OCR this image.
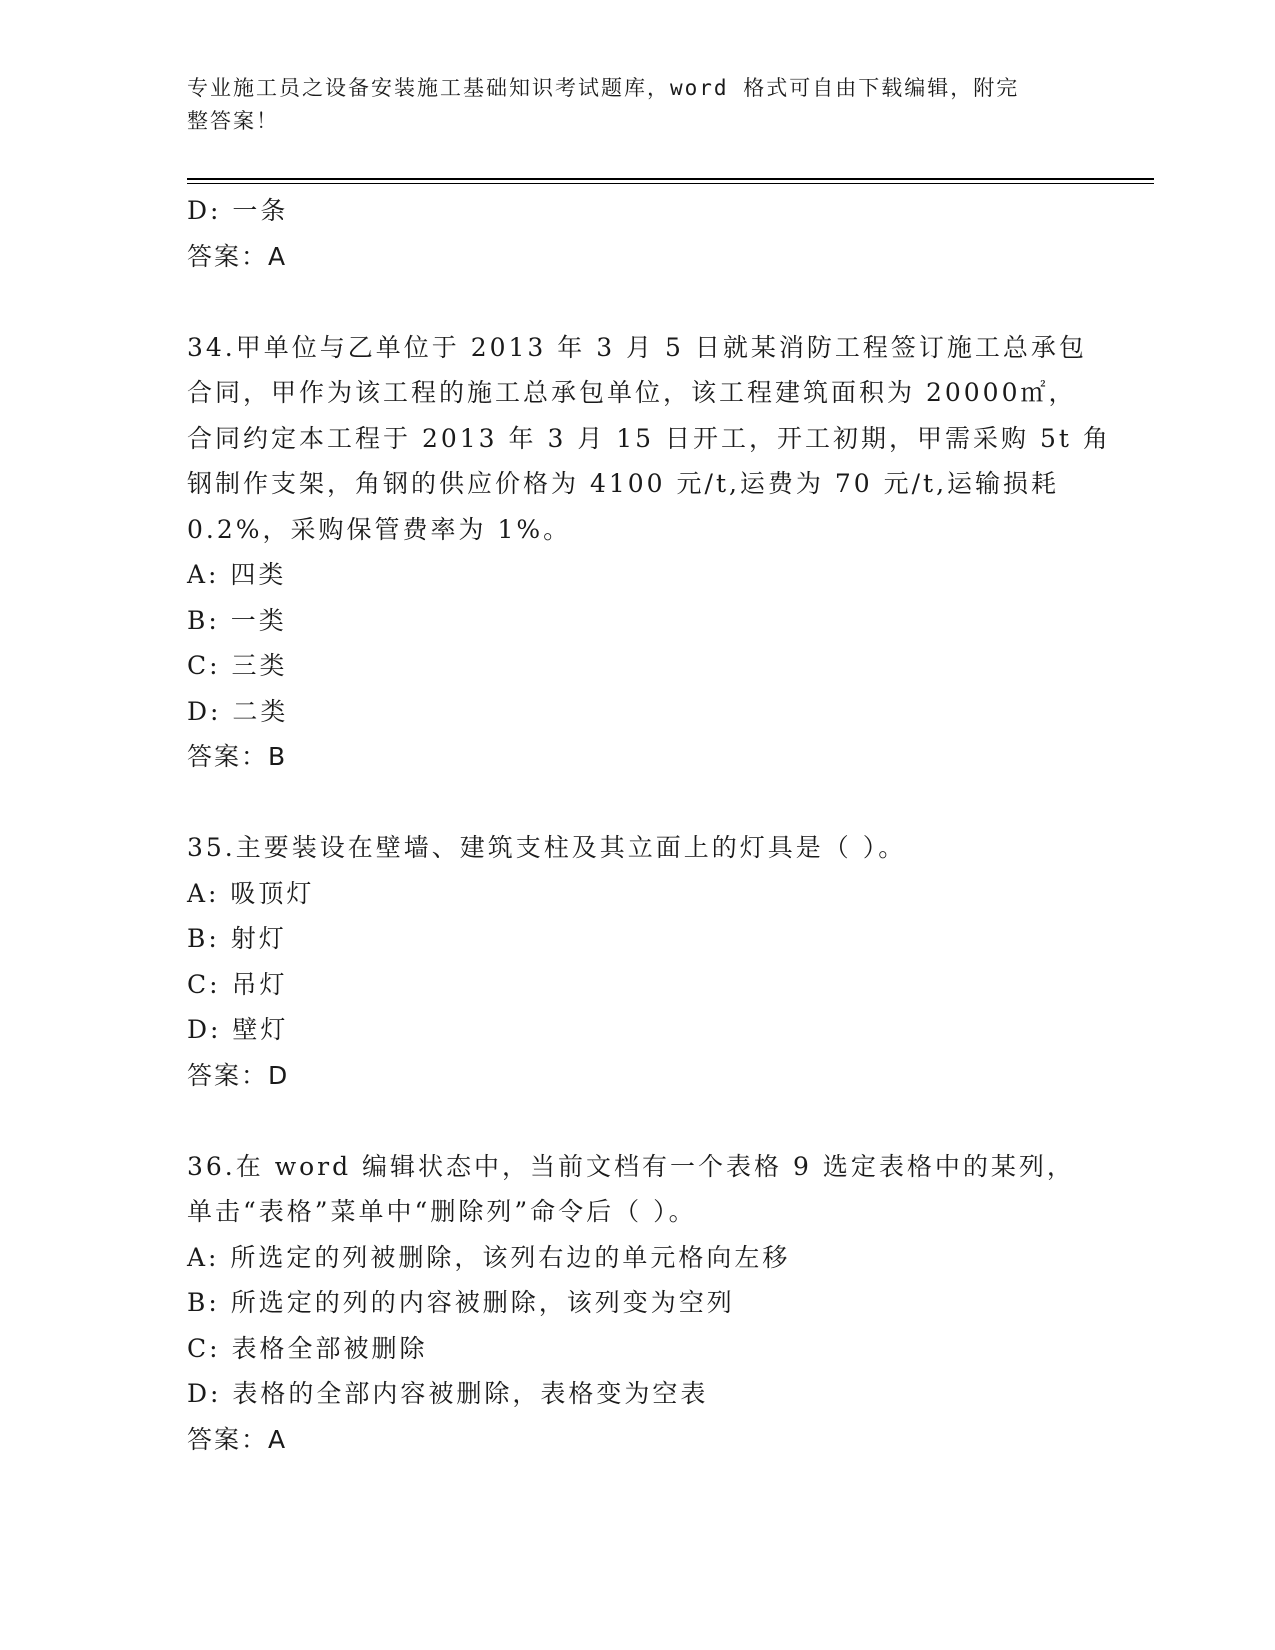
专业施工员之设备安装施工基础知识考试题库，word 格式可自由下载编辑，附完
整答案！
D: 一条
答案：A
34.甲单位与乙单位于 2013 年 3 月 5 日就某消防工程签订施工总承包
合同，甲作为该工程的施工总承包单位，该工程建筑面积为 20000㎡，
合同约定本工程于 2013 年 3 月 15 日开工，开工初期，甲需采购 5t 角
钢制作支架，角钢的供应价格为 4100 元/t,运费为 70 元/t,运输损耗
0.2%，采购保管费率为 1%。
A: 四类
B: 一类
C: 三类
D: 二类
答案：B
35.主要装设在壁墙、建筑支柱及其立面上的灯具是（ ）。
A: 吸顶灯
B: 射灯
C: 吊灯
D: 壁灯
答案：D
36.在 word 编辑状态中，当前文档有一个表格 9 选定表格中的某列，
单击“表格”菜单中“删除列”命令后（ ）。
A: 所选定的列被删除，该列右边的单元格向左移
B: 所选定的列的内容被删除，该列变为空列
C: 表格全部被删除
D: 表格的全部内容被删除，表格变为空表
答案：A
